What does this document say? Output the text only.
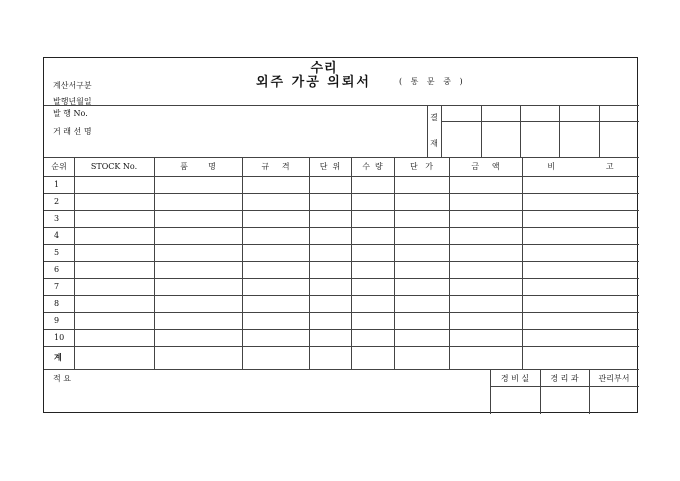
수리
외주 가공 의뢰서	( 통 문 중 )
계산서구분
발행년월일
발 행 No.
거 래 선 명
결
재
순위	STOCK No.	품        명	규     격	단  위	수  량	단   가	금     액	비                    고
1
2
3
4
5
6
7
8
9
10
계
적 요	경 비 실	경 리 과	관리부서
